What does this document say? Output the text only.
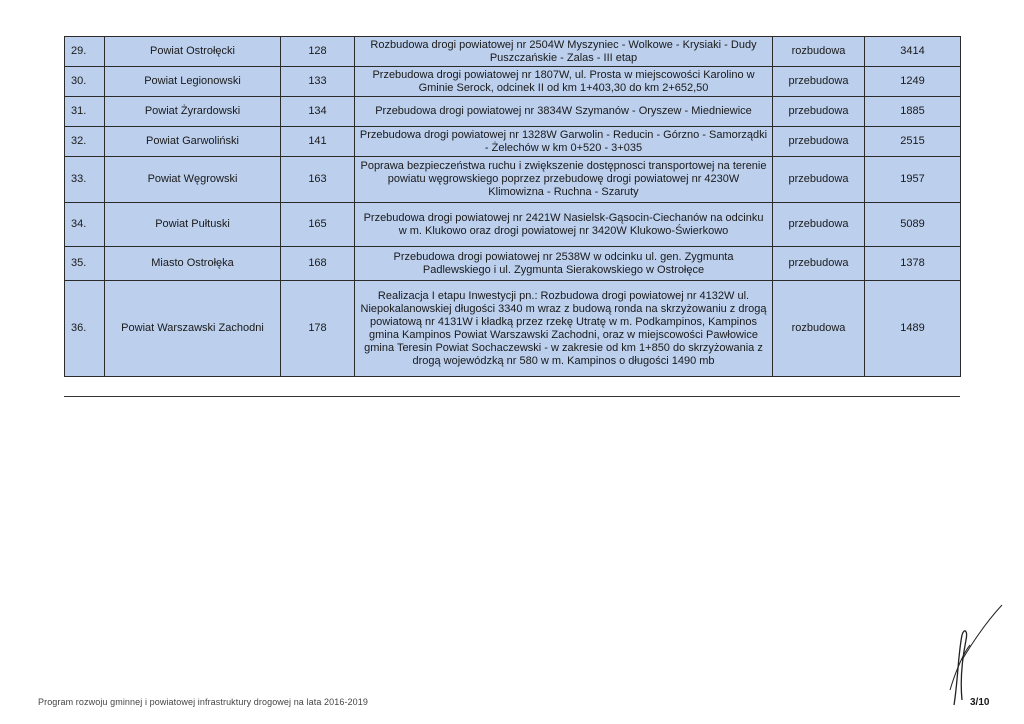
29.	Powiat Ostrołęcki	128	Rozbudowa drogi powiatowej nr 2504W Myszyniec - Wolkowe - Krysiaki - Dudy Puszczańskie - Zalas - III etap	rozbudowa	3414
30.	Powiat Legionowski	133	Przebudowa drogi powiatowej nr 1807W, ul. Prosta w miejscowości Karolino w Gminie Serock, odcinek II od km 1+403,30 do km 2+652,50	przebudowa	1249
31.	Powiat Żyrardowski	134	Przebudowa drogi powiatowej nr 3834W Szymanów - Oryszew - Miedniewice	przebudowa	1885
32.	Powiat Garwoliński	141	Przebudowa drogi powiatowej nr 1328W Garwolin - Reducin - Górzno - Samorządki - Żelechów w km 0+520 - 3+035	przebudowa	2515
33.	Powiat Węgrowski	163	Poprawa bezpieczeństwa ruchu i zwiększenie dostępnosci transportowej na terenie powiatu węgrowskiego poprzez przebudowę drogi powiatowej nr 4230W Klimowizna - Ruchna - Szaruty	przebudowa	1957
34.	Powiat Pułtuski	165	Przebudowa drogi powiatowej nr 2421W Nasielsk-Gąsocin-Ciechanów na odcinku w m. Klukowo oraz drogi powiatowej nr 3420W Klukowo-Świerkowo	przebudowa	5089
35.	Miasto Ostrołęka	168	Przebudowa drogi powiatowej nr 2538W w odcinku ul. gen. Zygmunta Padlewskiego i ul. Zygmunta Sierakowskiego w Ostrołęce	przebudowa	1378
36.	Powiat Warszawski Zachodni	178	Realizacja I etapu Inwestycji pn.: Rozbudowa drogi powiatowej nr 4132W ul. Niepokalanowskiej długości 3340 m wraz z budową ronda na skrzyżowaniu z drogą powiatową nr 4131W i kładką przez rzekę Utratę w m. Podkampinos, Kampinos gmina Kampinos Powiat Warszawski Zachodni, oraz w miejscowości Pawłowice gmina Teresin Powiat Sochaczewski - w zakresie od km 1+850 do skrzyżowania z drogą wojewódzką nr 580 w m. Kampinos o długości 1490 mb	rozbudowa	1489
Program rozwoju gminnej i powiatowej infrastruktury drogowej na lata 2016-2019	3/10
